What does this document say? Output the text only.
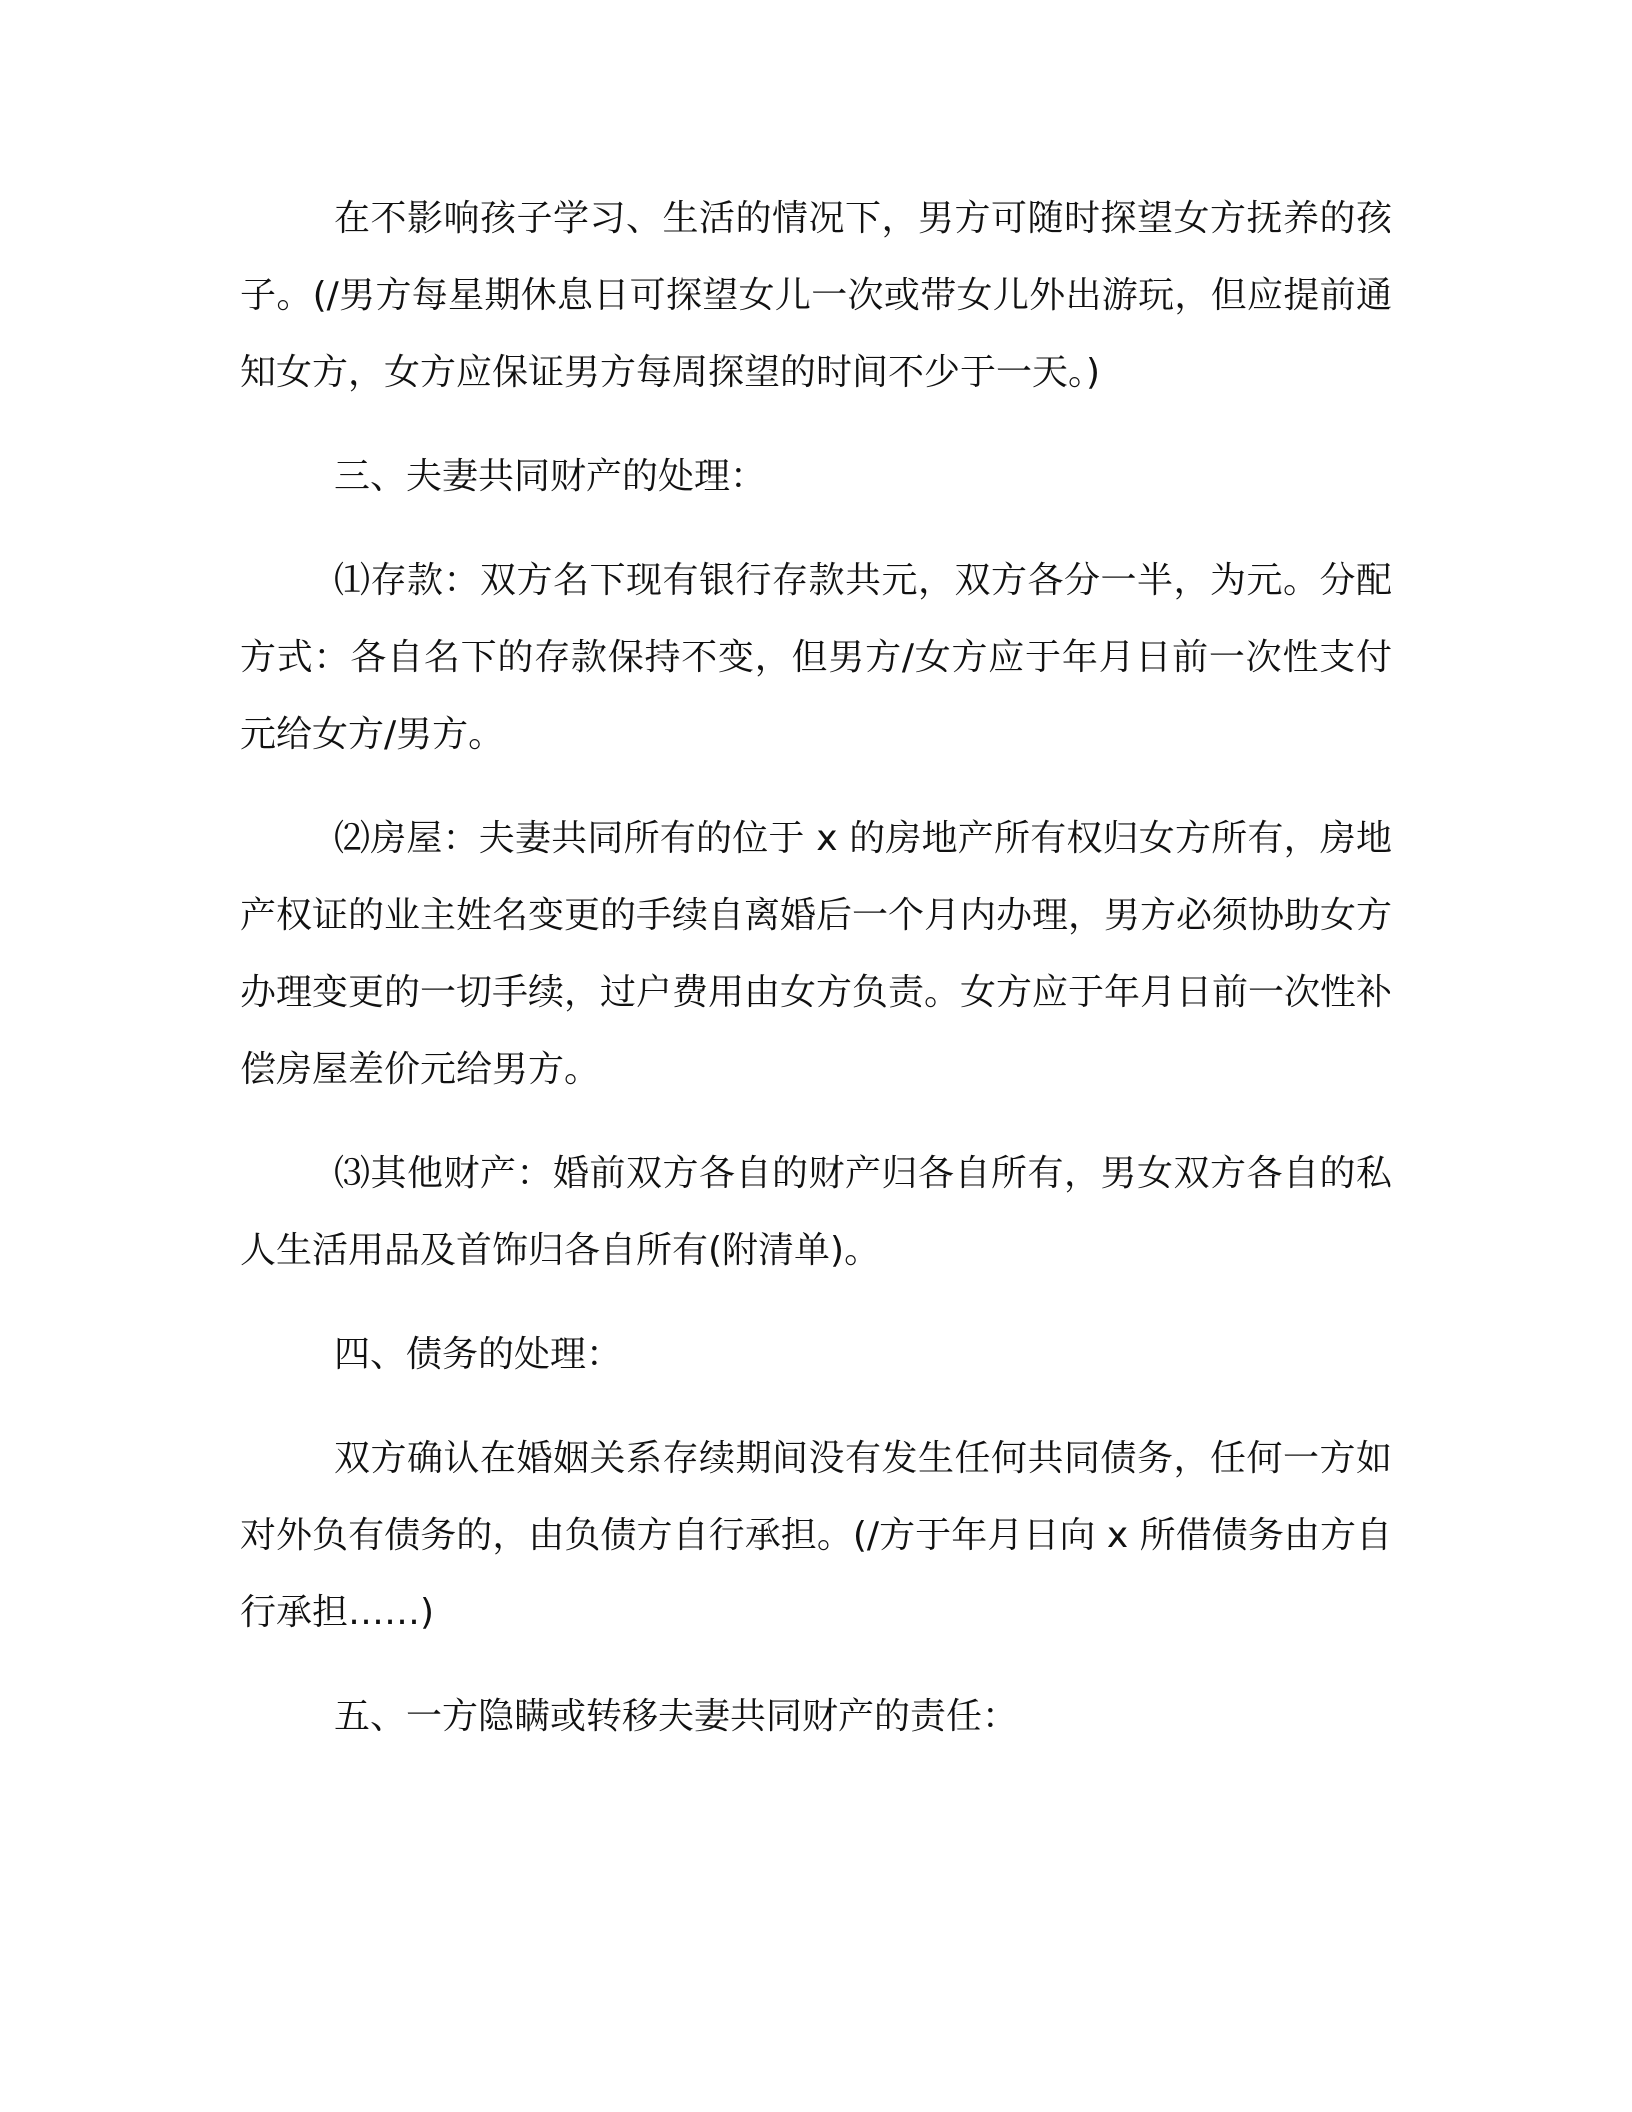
在不影响孩子学习、生活的情况下，男方可随时探望女方抚养的孩子。(/男方每星期休息日可探望女儿一次或带女儿外出游玩，但应提前通知女方，女方应保证男方每周探望的时间不少于一天。)

三、夫妻共同财产的处理：

⑴存款：双方名下现有银行存款共元，双方各分一半，为元。分配方式：各自名下的存款保持不变，但男方/女方应于年月日前一次性支付元给女方/男方。

⑵房屋：夫妻共同所有的位于 x 的房地产所有权归女方所有，房地产权证的业主姓名变更的手续自离婚后一个月内办理，男方必须协助女方办理变更的一切手续，过户费用由女方负责。女方应于年月日前一次性补偿房屋差价元给男方。

⑶其他财产：婚前双方各自的财产归各自所有，男女双方各自的私人生活用品及首饰归各自所有(附清单)。

四、债务的处理：

双方确认在婚姻关系存续期间没有发生任何共同债务，任何一方如对外负有债务的，由负债方自行承担。(/方于年月日向 x 所借债务由方自行承担……)

五、一方隐瞒或转移夫妻共同财产的责任：
